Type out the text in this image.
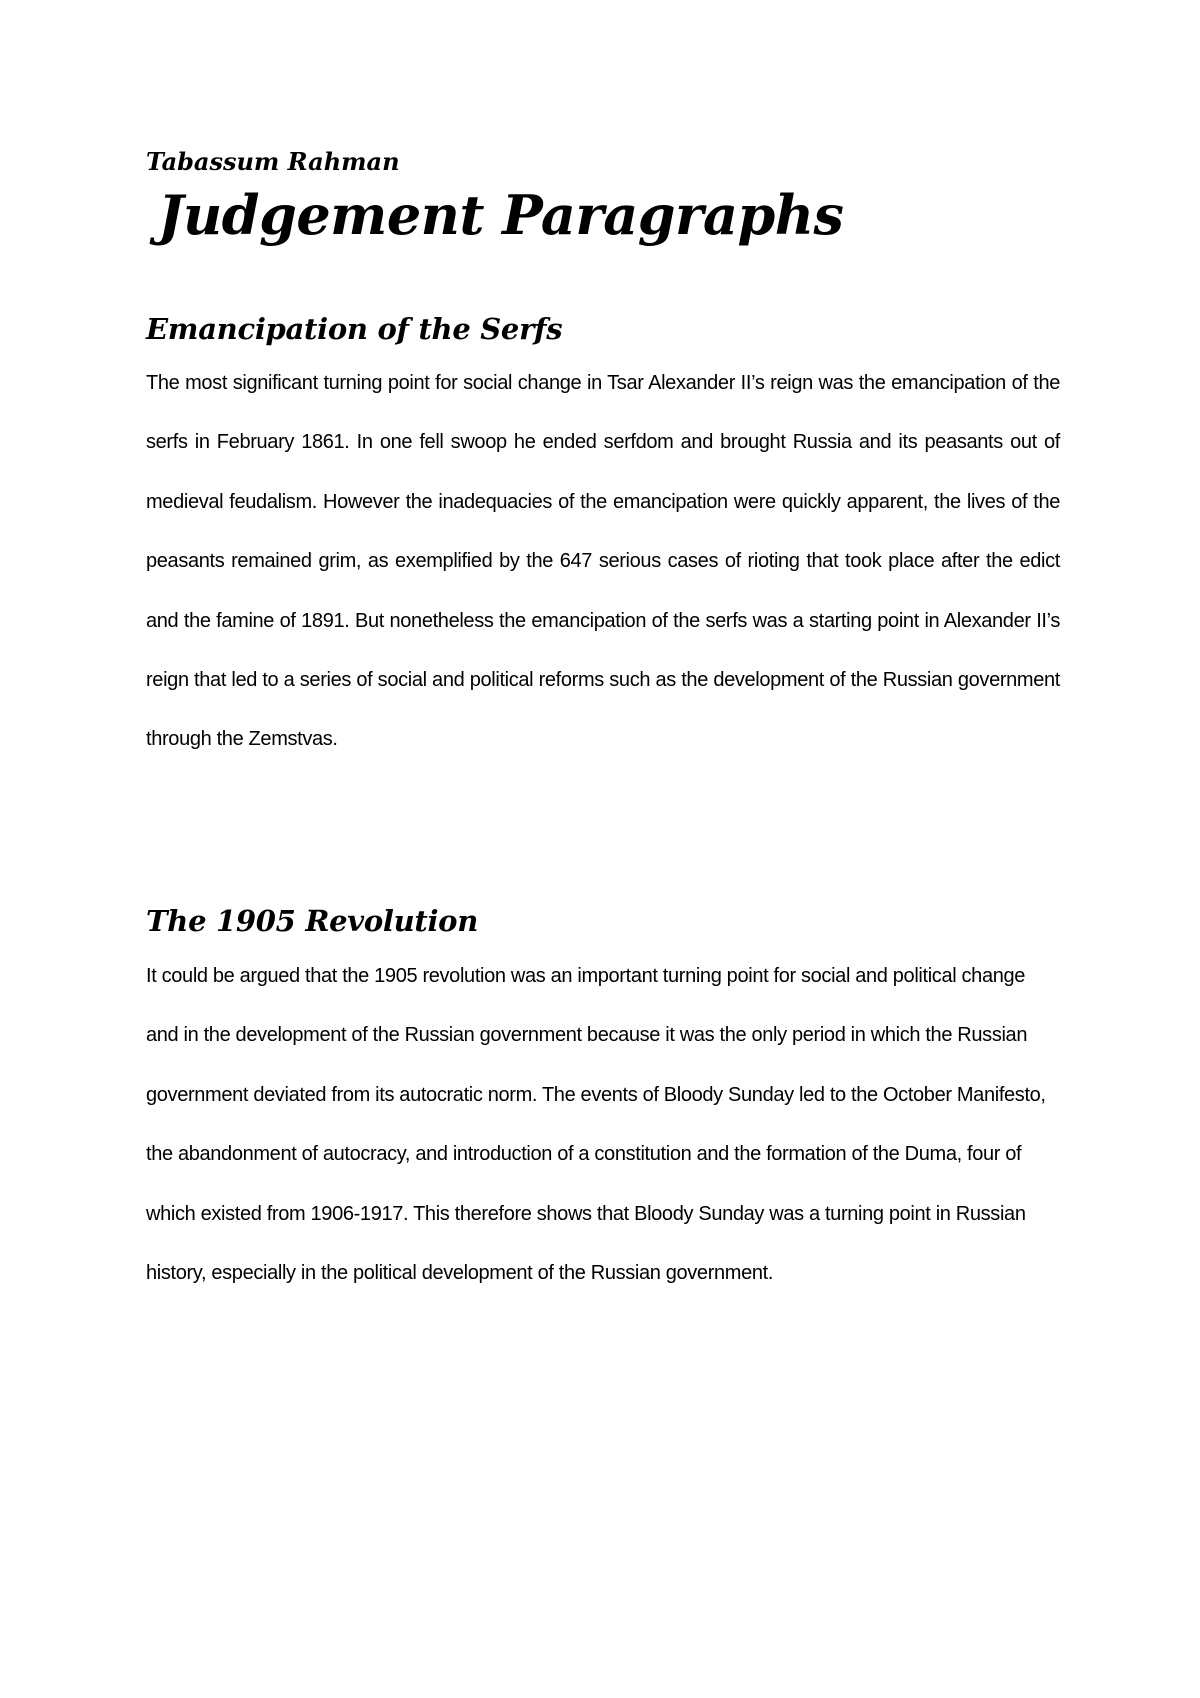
Tabassum Rahman

Judgement Paragraphs
Emancipation of the Serfs

The most significant turning point for social change in Tsar Alexander II’s reign was the emancipation of the serfs in February 1861. In one fell swoop he ended serfdom and brought Russia and its peasants out of medieval feudalism. However the inadequacies of the emancipation were quickly apparent, the lives of the peasants remained grim, as exemplified by the 647 serious cases of rioting that took place after the edict and the famine of 1891. But nonetheless the emancipation of the serfs was a starting point in Alexander II’s reign that led to a series of social and political reforms such as the development of the Russian government through the Zemstvas.

The 1905 Revolution

It could be argued that the 1905 revolution was an important turning point for social and political change and in the development of the Russian government because it was the only period in which the Russian government deviated from its autocratic norm. The events of Bloody Sunday led to the October Manifesto, the abandonment of autocracy, and introduction of a constitution and the formation of the Duma, four of which existed from 1906-1917. This therefore shows that Bloody Sunday was a turning point in Russian history, especially in the political development of the Russian government.
